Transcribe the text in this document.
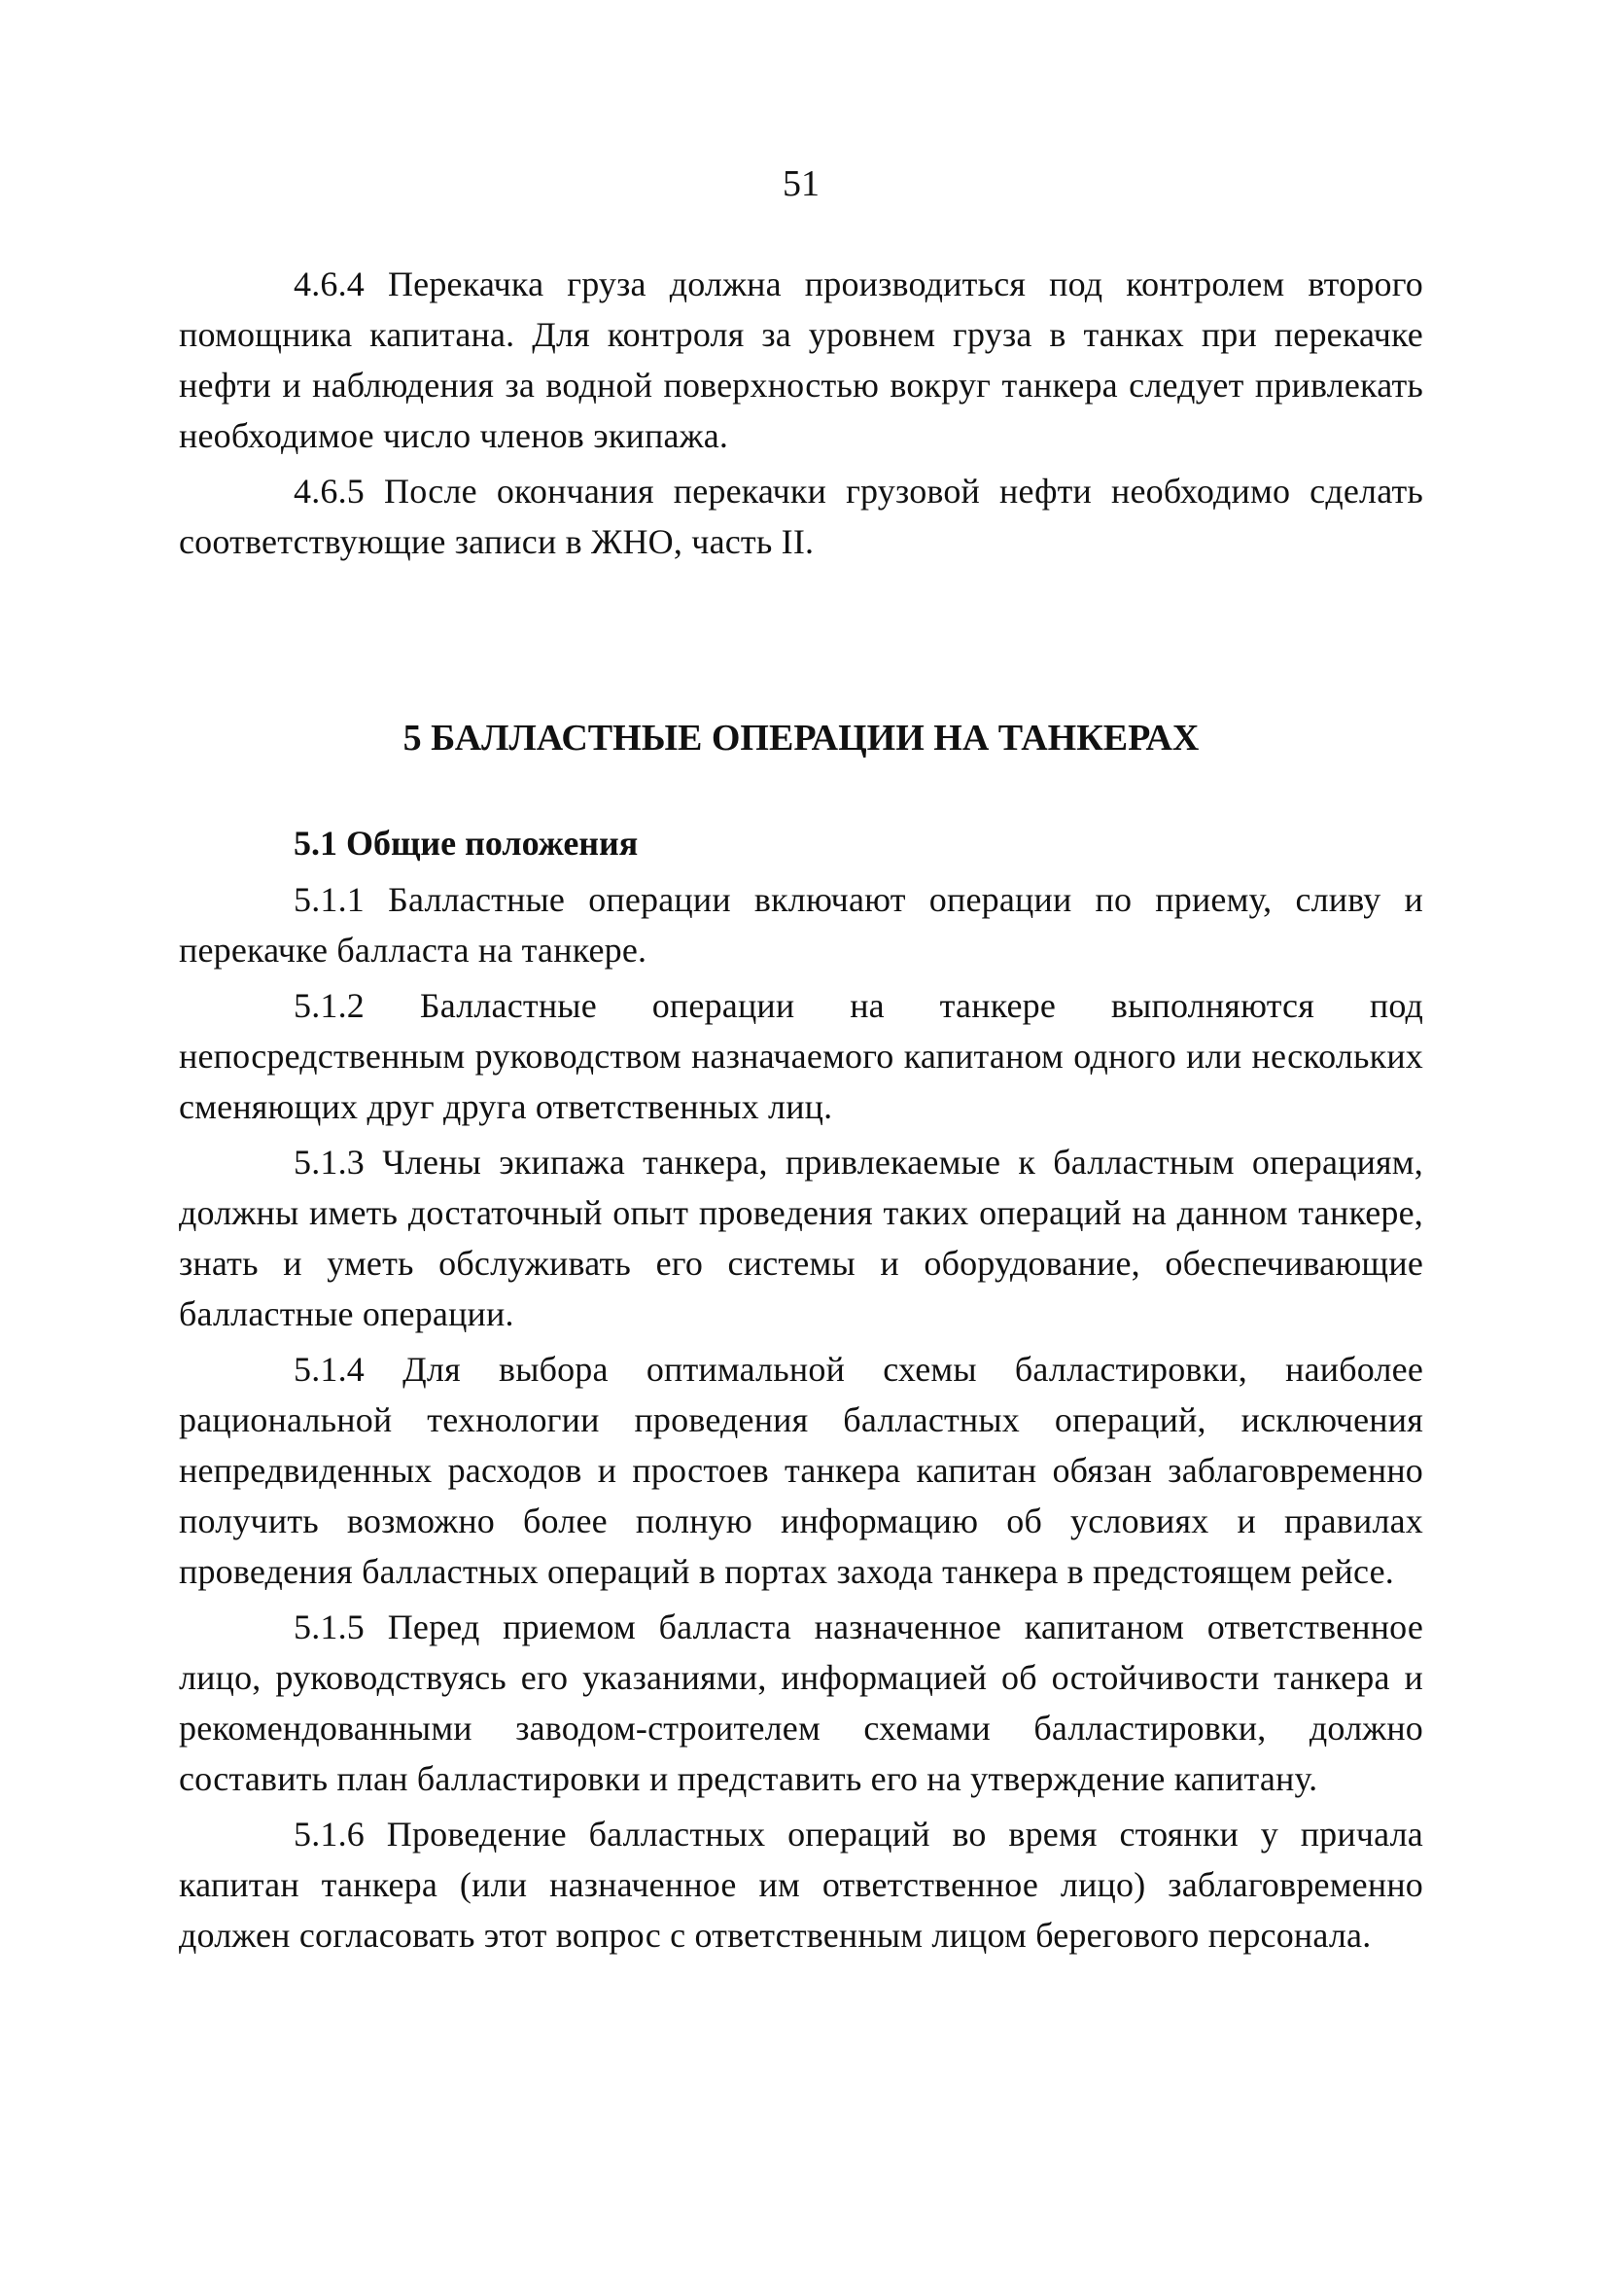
51

4.6.4 Перекачка груза должна производиться под контролем второго помощника капитана. Для контроля за уровнем груза в танках при перекачке нефти и наблюдения за водной поверхностью вокруг танкера следует привлекать необходимое число членов экипажа.

4.6.5 После окончания перекачки грузовой нефти необходимо сделать соответствующие записи в ЖНО, часть II.

5 БАЛЛАСТНЫЕ ОПЕРАЦИИ НА ТАНКЕРАХ
5.1 Общие положения

5.1.1 Балластные операции включают операции по приему, сливу и перекачке балласта на танкере.

5.1.2 Балластные операции на танкере выполняются под непосредственным руководством назначаемого капитаном одного или нескольких сменяющих друг друга ответственных лиц.

5.1.3 Члены экипажа танкера, привлекаемые к балластным операциям, должны иметь достаточный опыт проведения таких операций на данном танкере, знать и уметь обслуживать его системы и оборудование, обеспечивающие балластные операции.

5.1.4 Для выбора оптимальной схемы балластировки, наиболее рациональной технологии проведения балластных операций, исключения непредвиденных расходов и простоев танкера капитан обязан заблаговременно получить возможно более полную информацию об условиях и правилах проведения балластных операций в портах захода танкера в предстоящем рейсе.

5.1.5 Перед приемом балласта назначенное капитаном ответственное лицо, руководствуясь его указаниями, информацией об остойчивости танкера и рекомендованными заводом-строителем схемами балластировки, должно составить план балластировки и представить его на утверждение капитану.

5.1.6 Проведение балластных операций во время стоянки у причала капитан танкера (или назначенное им ответственное лицо) заблаговременно должен согласовать этот вопрос с ответственным лицом берегового персонала.
